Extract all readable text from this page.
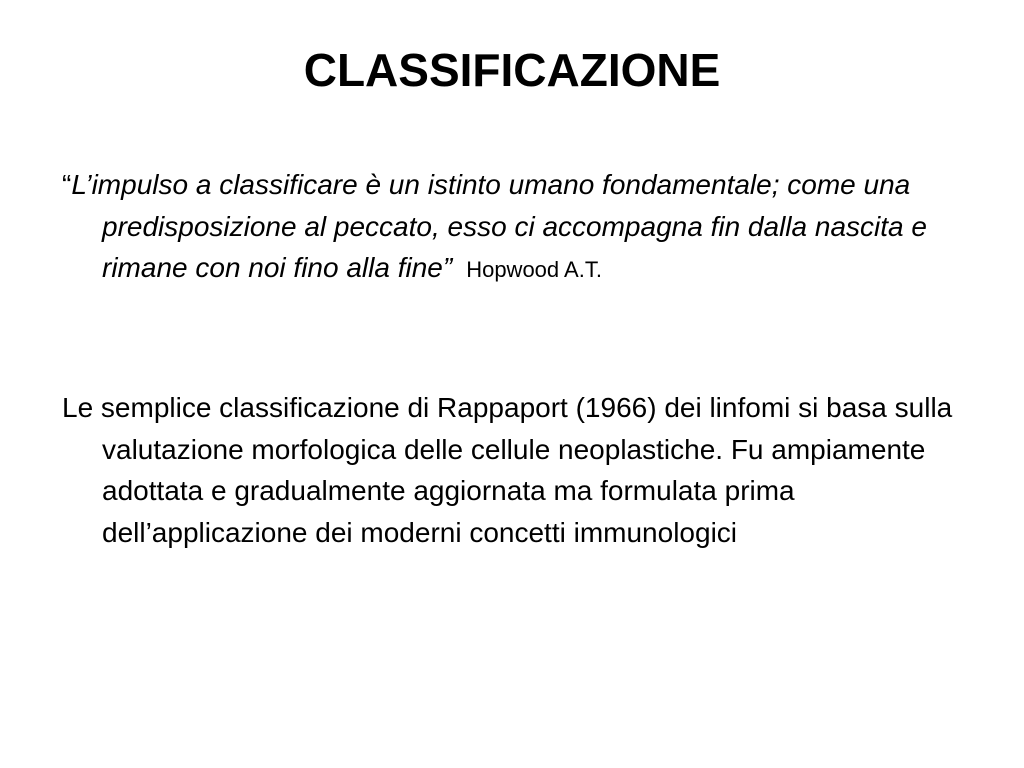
CLASSIFICAZIONE
“L’impulso a classificare è un istinto umano fondamentale; come una predisposizione al peccato, esso ci accompagna fin dalla nascita e rimane con noi fino alla fine” Hopwood A.T.
Le semplice classificazione di Rappaport (1966) dei linfomi si basa sulla valutazione morfologica delle cellule neoplastiche. Fu ampiamente adottata e gradualmente aggiornata ma formulata prima dell’applicazione dei moderni concetti immunologici
